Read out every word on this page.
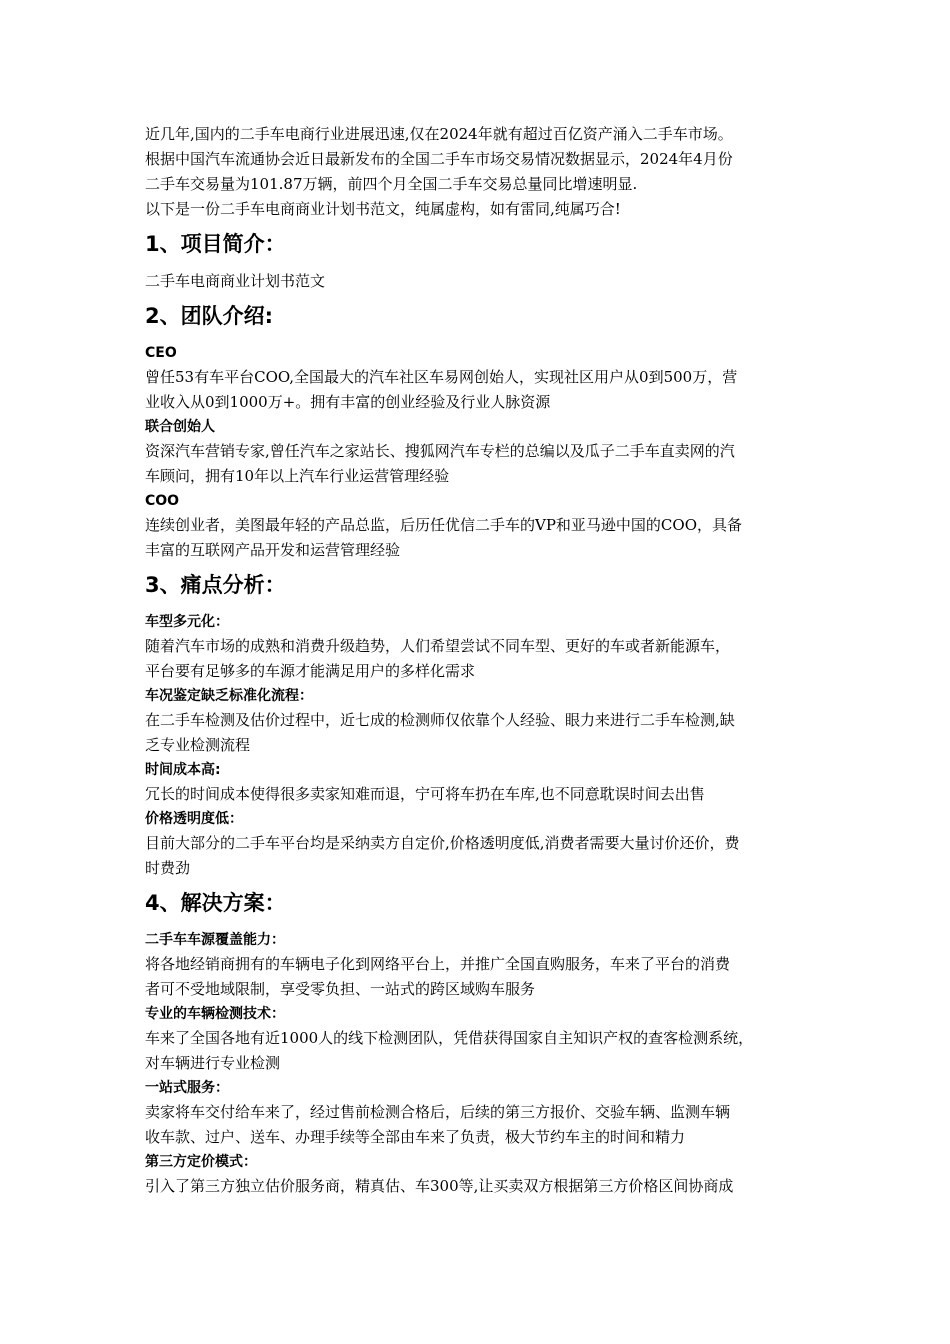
近几年,国内的二手车电商行业进展迅速,仅在2024年就有超过百亿资产涌入二手车市场。

根据中国汽车流通协会近日最新发布的全国二手车市场交易情况数据显示，2024年4月份

二手车交易量为101.87万辆，前四个月全国二手车交易总量同比增速明显.

以下是一份二手车电商商业计划书范文，纯属虚构，如有雷同,纯属巧合!

1、项目简介：

二手车电商商业计划书范文

2、团队介绍:
CEO

曾任53有车平台COO,全国最大的汽车社区车易网创始人，实现社区用户从0到500万，营

业收入从0到1000万+。拥有丰富的创业经验及行业人脉资源

联合创始人

资深汽车营销专家,曾任汽车之家站长、搜狐网汽车专栏的总编以及瓜子二手车直卖网的汽

车顾问，拥有10年以上汽车行业运营管理经验

COO

连续创业者，美图最年轻的产品总监，后历任优信二手车的VP和亚马逊中国的COO，具备

丰富的互联网产品开发和运营管理经验

3、痛点分析：
车型多元化：

随着汽车市场的成熟和消费升级趋势，人们希望尝试不同车型、更好的车或者新能源车，

平台要有足够多的车源才能满足用户的多样化需求

车况鉴定缺乏标准化流程：

在二手车检测及估价过程中，近七成的检测师仅依靠个人经验、眼力来进行二手车检测,缺

乏专业检测流程

时间成本高:

冗长的时间成本使得很多卖家知难而退，宁可将车扔在车库,也不同意耽误时间去出售

价格透明度低：

目前大部分的二手车平台均是采纳卖方自定价,价格透明度低,消费者需要大量讨价还价，费

时费劲

4、解决方案：
二手车车源覆盖能力：

将各地经销商拥有的车辆电子化到网络平台上，并推广全国直购服务，车来了平台的消费

者可不受地域限制，享受零负担、一站式的跨区域购车服务

专业的车辆检测技术：

车来了全国各地有近1000人的线下检测团队，凭借获得国家自主知识产权的查客检测系统，

对车辆进行专业检测

一站式服务：

卖家将车交付给车来了，经过售前检测合格后，后续的第三方报价、交验车辆、监测车辆

收车款、过户、送车、办理手续等全部由车来了负责，极大节约车主的时间和精力

第三方定价模式：

引入了第三方独立估价服务商，精真估、车300等,让买卖双方根据第三方价格区间协商成
